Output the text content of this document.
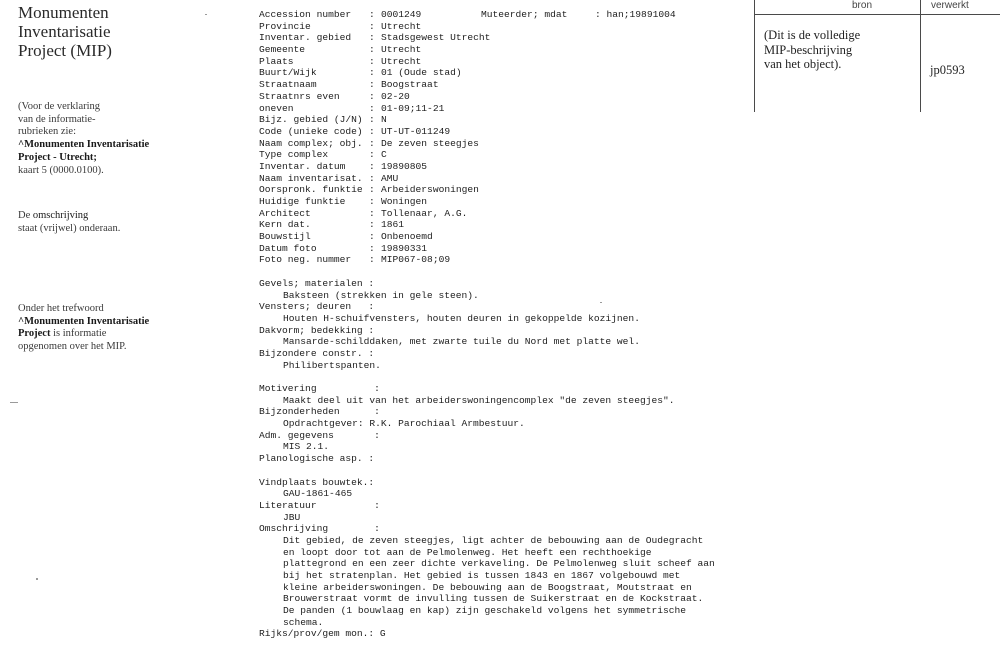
Monumenten
Inventarisatie
Project (MIP)
(Voor de verklaring
van de informatie-
rubrieken zie:
^Monumenten Inventarisatie
Project - Utrecht;
kaart 5 (0000.0100).
De omschrijving
staat (vrijwel) onderaan.
Onder het trefwoord
^Monumenten Inventarisatie
Project is informatie
opgenomen over het MIP.
Accession number : 0001249	Muteerder; mdat	: han;19891004
Provincie	: Utrecht
Inventar. gebied : Stadsgewest Utrecht
Gemeente	: Utrecht
Plaats	: Utrecht
Buurt/Wijk	: 01 (Oude stad)
Straatnaam	: Boogstraat
Straatnrs even	: 02-20
oneven	: 01-09;11-21
Bijz. gebied (J/N) : N
Code (unieke code) : UT-UT-011249
Naam complex; obj. : De zeven steegjes
Type complex	: C
Inventar. datum : 19890805
Naam inventarisat. : AMU
Oorspronk. funktie : Arbeiderswoningen
Huidige funktie : Woningen
Architect	: Tollenaar, A.G.
Kern dat.	: 1861
Bouwstijl	: Onbenoemd
Datum foto	: 19890331
Foto neg. nummer : MIP067-08;09
Gevels; materialen :
Baksteen (strekken in gele steen).
Vensters; deuren   :
Houten H-schuifvensters, houten deuren in gekoppelde kozijnen.
Dakvorm; bedekking :
Mansarde-schilddaken, met zwarte tuile du Nord met platte wel.
Bijzondere constr. :
Philibertspanten.
Motivering          :
Maakt deel uit van het arbeiderswoningencomplex "de zeven steegjes".
Bijzonderheden      :
Opdrachtgever: R.K. Parochiaal Armbestuur.
Adm. gegevens       :
MIS 2.1.
Planologische asp. :
Vindplaats bouwtek.:
GAU-1861-465
Literatuur          :
JBU
Omschrijving        :
Dit gebied, de zeven steegjes, ligt achter de bebouwing aan de Oudegracht
en loopt door tot aan de Pelmolenweg. Het heeft een rechthoekige
plattegrond en een zeer dichte verkaveling. De Pelmolenweg sluit scheef aan
bij het stratenplan. Het gebied is tussen 1843 en 1867 volgebouwd met
kleine arbeiderswoningen. De bebouwing aan de Boogstraat, Moutstraat en
Brouwerstraat vormt de invulling tussen de Suikerstraat en de Kockstraat.
De panden (1 bouwlaag en kap) zijn geschakeld volgens het symmetrische
schema.
Rijks/prov/gem mon.: G
bron	verwerkt
(Dit is de volledige
MIP-beschrijving
van het object).	jp0593
